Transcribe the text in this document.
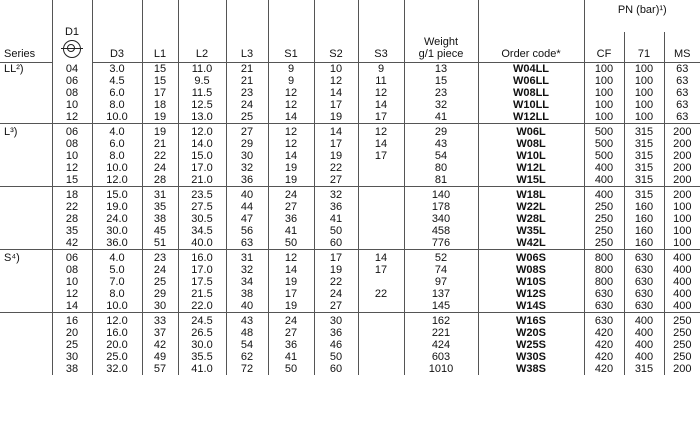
	D1										PN (bar)¹)		
Series		D3	L1	L2	L3	S1	S2	S3	Weight
g/1 piece	Order code*	CF	71	MS
LL²)	04	3.0	15	11.0	21	9	10	9	13	W04LL	100	100	63
	06	4.5	15	9.5	21	9	12	11	15	W06LL	100	100	63
	08	6.0	17	11.5	23	12	14	12	23	W08LL	100	100	63
	10	8.0	18	12.5	24	12	17	14	32	W10LL	100	100	63
	12	10.0	19	13.0	25	14	19	17	41	W12LL	100	100	63
L³)	06	4.0	19	12.0	27	12	14	12	29	W06L	500	315	200
	08	6.0	21	14.0	29	12	17	14	43	W08L	500	315	200
	10	8.0	22	15.0	30	14	19	17	54	W10L	500	315	200
	12	10.0	24	17.0	32	19	22		80	W12L	400	315	200
	15	12.0	28	21.0	36	19	27		81	W15L	400	315	200
	18	15.0	31	23.5	40	24	32		140	W18L	400	315	200
	22	19.0	35	27.5	44	27	36		178	W22L	250	160	100
	28	24.0	38	30.5	47	36	41		340	W28L	250	160	100
	35	30.0	45	34.5	56	41	50		458	W35L	250	160	100
	42	36.0	51	40.0	63	50	60		776	W42L	250	160	100
S⁴)	06	4.0	23	16.0	31	12	17	14	52	W06S	800	630	400
	08	5.0	24	17.0	32	14	19	17	74	W08S	800	630	400
	10	7.0	25	17.5	34	19	22		97	W10S	800	630	400
	12	8.0	29	21.5	38	17	24	22	137	W12S	630	630	400
	14	10.0	30	22.0	40	19	27		145	W14S	630	630	400
	16	12.0	33	24.5	43	24	30		162	W16S	630	400	250
	20	16.0	37	26.5	48	27	36		221	W20S	420	400	250
	25	20.0	42	30.0	54	36	46		424	W25S	420	400	250
	30	25.0	49	35.5	62	41	50		603	W30S	420	400	250
	38	32.0	57	41.0	72	50	60		1010	W38S	420	315	200
